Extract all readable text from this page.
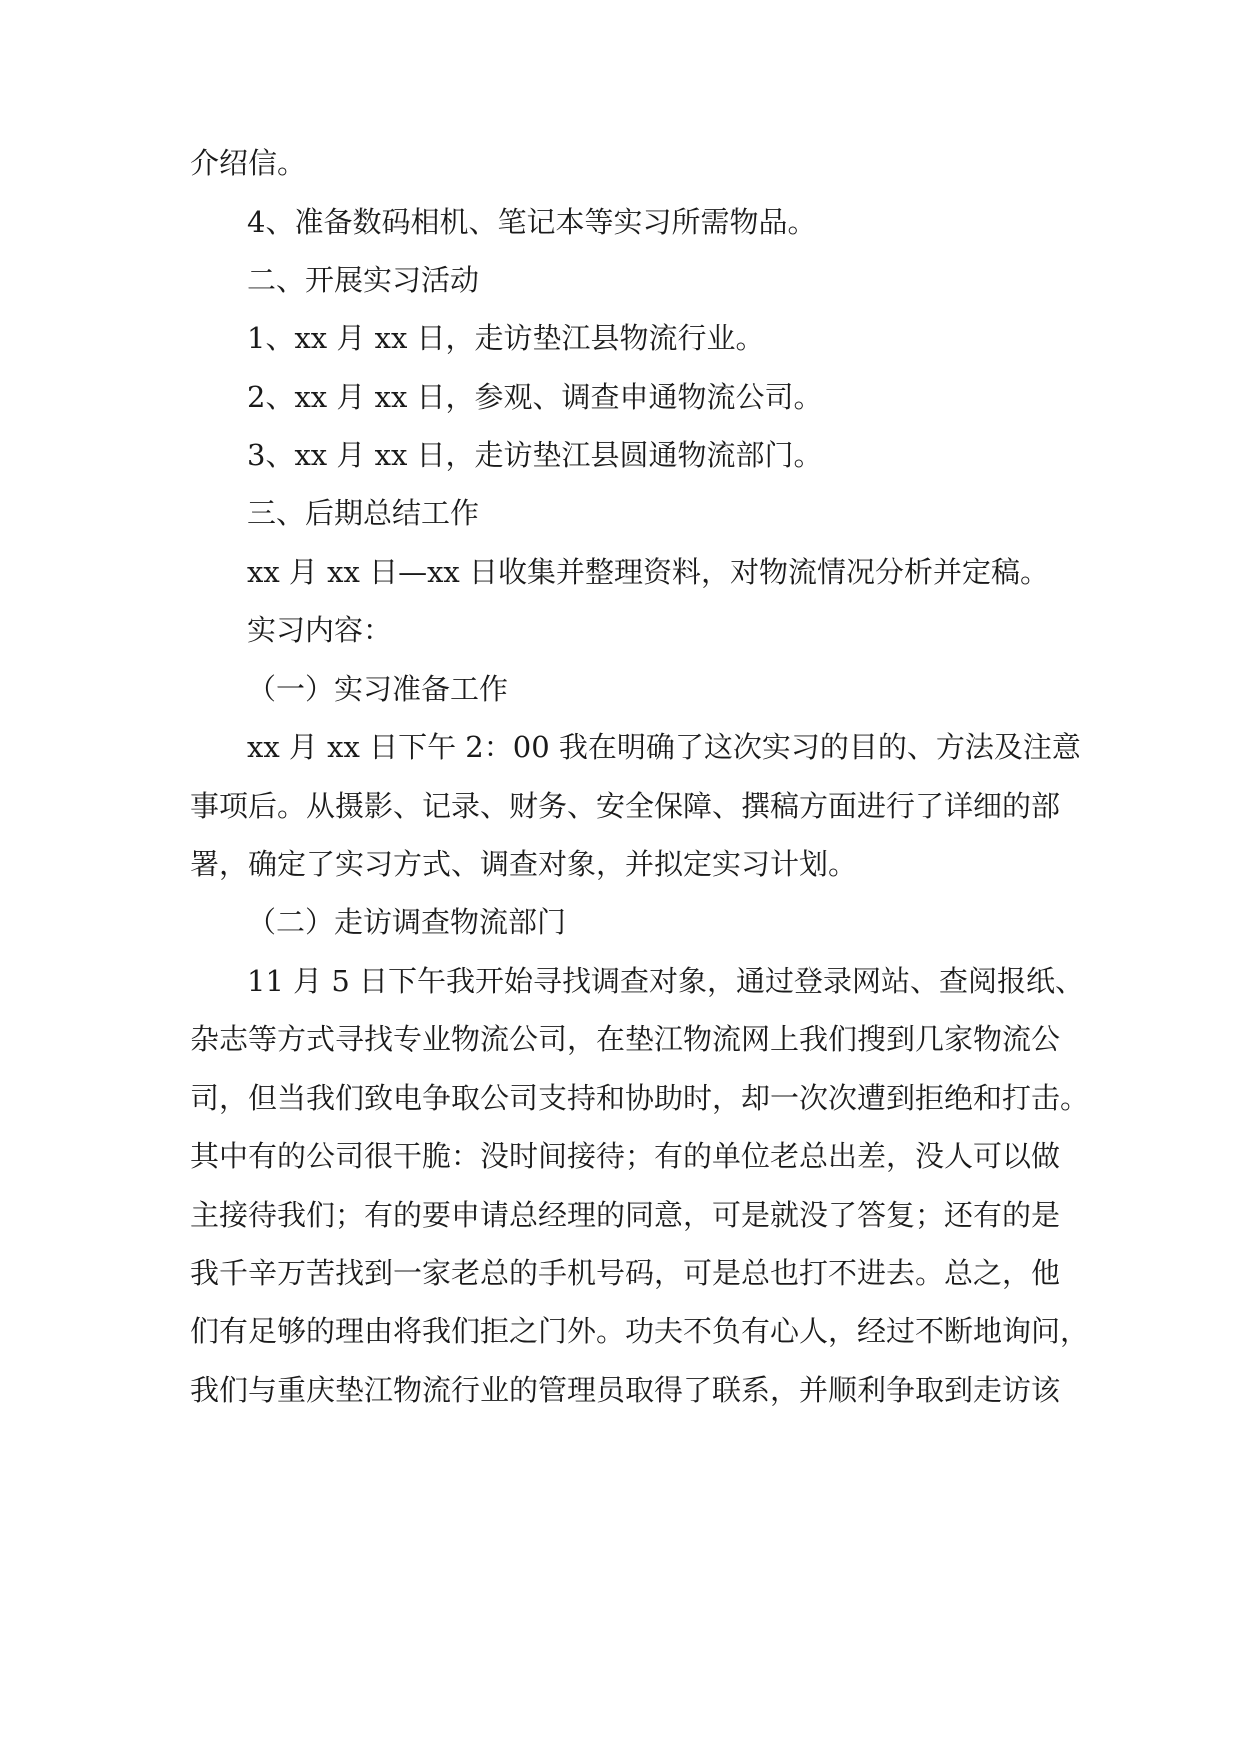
介绍信。

4、准备数码相机、笔记本等实习所需物品。

二、开展实习活动

1、xx 月 xx 日，走访垫江县物流行业。

2、xx 月 xx 日，参观、调查申通物流公司。

3、xx 月 xx 日，走访垫江县圆通物流部门。

三、后期总结工作

xx 月 xx 日—xx 日收集并整理资料，对物流情况分析并定稿。

实习内容：

（一）实习准备工作

xx 月 xx 日下午 2：00 我在明确了这次实习的目的、方法及注意

事项后。从摄影、记录、财务、安全保障、撰稿方面进行了详细的部

署，确定了实习方式、调查对象，并拟定实习计划。

（二）走访调查物流部门

11 月 5 日下午我开始寻找调查对象，通过登录网站、查阅报纸、

杂志等方式寻找专业物流公司，在垫江物流网上我们搜到几家物流公

司，但当我们致电争取公司支持和协助时，却一次次遭到拒绝和打击。

其中有的公司很干脆：没时间接待；有的单位老总出差，没人可以做

主接待我们；有的要申请总经理的同意，可是就没了答复；还有的是

我千辛万苦找到一家老总的手机号码，可是总也打不进去。总之，他

们有足够的理由将我们拒之门外。功夫不负有心人，经过不断地询问，

我们与重庆垫江物流行业的管理员取得了联系，并顺利争取到走访该
